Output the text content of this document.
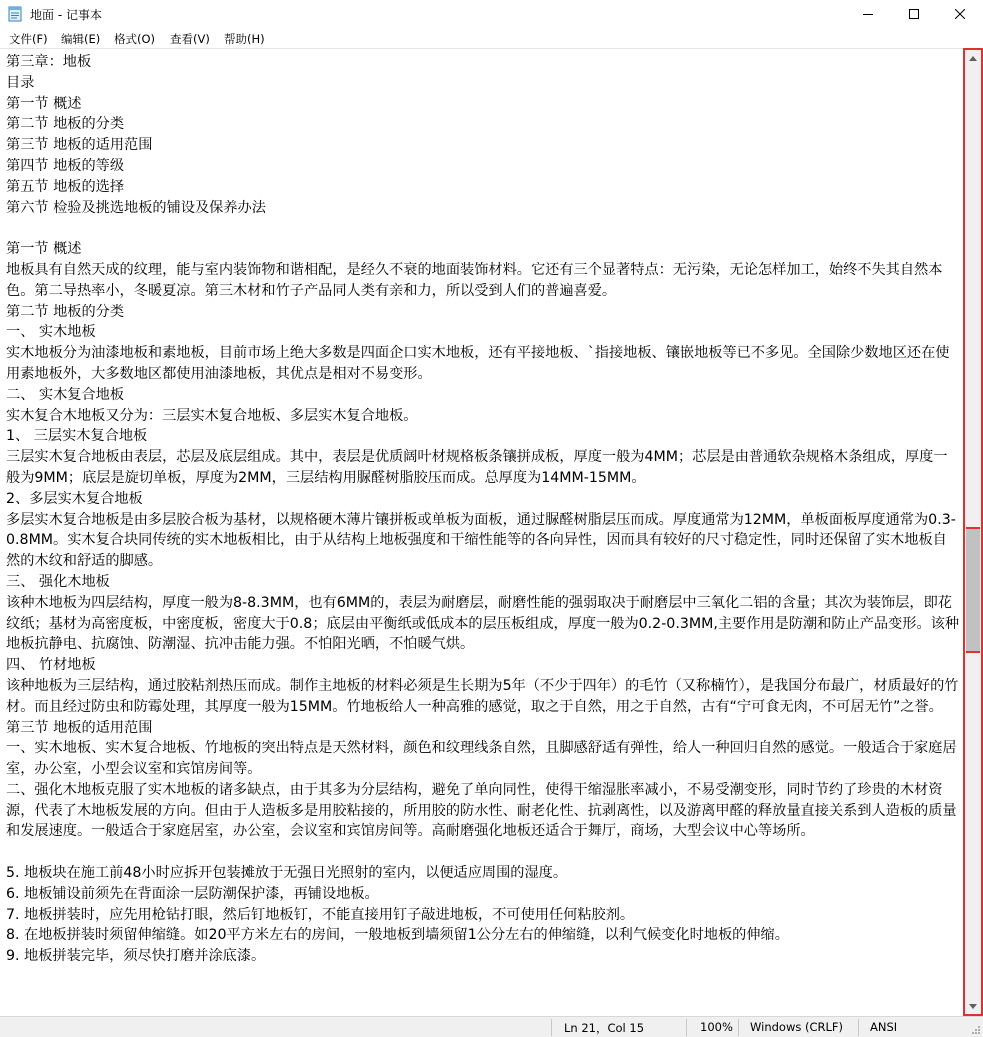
地面 - 记事本
文件(F) 编辑(E) 格式(O) 查看(V) 帮助(H)
第三章：地板
目录
第一节 概述
第二节 地板的分类
第三节 地板的适用范围
第四节 地板的等级
第五节 地板的选择
第六节 检验及挑选地板的铺设及保养办法

第一节 概述
地板具有自然天成的纹理，能与室内装饰物和谐相配，是经久不衰的地面装饰材料。它还有三个显著特点：无污染，无论怎样加工，始终不失其自然本色。第二导热率小，冬暖夏凉。第三木材和竹子产品同人类有亲和力，所以受到人们的普遍喜爱。
第二节 地板的分类
一、 实木地板
实木地板分为油漆地板和素地板，目前市场上绝大多数是四面企口实木地板，还有平接地板、`指接地板、镶嵌地板等已不多见。全国除少数地区还在使用素地板外，大多数地区都使用油漆地板，其优点是相对不易变形。
二、 实木复合地板
实木复合木地板又分为：三层实木复合地板、多层实木复合地板。
1、 三层实木复合地板
三层实木复合地板由表层，芯层及底层组成。其中，表层是优质阔叶材规格板条镶拼成板，厚度一般为4MM；芯层是由普通软杂规格木条组成，厚度一般为9MM；底层是旋切单板，厚度为2MM，三层结构用脲醛树脂胶压而成。总厚度为14MM-15MM。
2、多层实木复合地板
多层实木复合地板是由多层胶合板为基材，以规格硬木薄片镶拼板或单板为面板，通过脲醛树脂层压而成。厚度通常为12MM，单板面板厚度通常为0.3-0.8MM。实木复合块同传统的实木地板相比，由于从结构上地板强度和干缩性能等的各向异性，因而具有较好的尺寸稳定性，同时还保留了实木地板自然的木纹和舒适的脚感。
三、 强化木地板
该种木地板为四层结构，厚度一般为8-8.3MM，也有6MM的，表层为耐磨层，耐磨性能的强弱取决于耐磨层中三氧化二铝的含量；其次为装饰层，即花纹纸；基材为高密度板，中密度板，密度大于0.8；底层由平衡纸或低成本的层压板组成，厚度一般为0.2-0.3MM,主要作用是防潮和防止产品变形。该种地板抗静电、抗腐蚀、防潮湿、抗冲击能力强。不怕阳光晒，不怕暖气烘。
四、 竹材地板
该种地板为三层结构，通过胶粘剂热压而成。制作主地板的材料必须是生长期为5年（不少于四年）的毛竹（又称楠竹），是我国分布最广，材质最好的竹材。而且经过防虫和防霉处理，其厚度一般为15MM。竹地板给人一种高雅的感觉，取之于自然，用之于自然，古有“宁可食无肉，不可居无竹”之誉。
第三节 地板的适用范围
一、实木地板、实木复合地板、竹地板的突出特点是天然材料，颜色和纹理线条自然，且脚感舒适有弹性，给人一种回归自然的感觉。一般适合于家庭居室，办公室，小型会议室和宾馆房间等。
二、强化木地板克服了实木地板的诸多缺点，由于其多为分层结构，避免了单向同性，使得干缩湿胀率减小，不易受潮变形，同时节约了珍贵的木材资源，代表了木地板发展的方向。但由于人造板多是用胶粘接的，所用胶的防水性、耐老化性、抗剥离性，以及游离甲醛的释放量直接关系到人造板的质量和发展速度。一般适合于家庭居室，办公室，会议室和宾馆房间等。高耐磨强化地板还适合于舞厅，商场，大型会议中心等场所。

5. 地板块在施工前48小时应拆开包装摊放于无强日光照射的室内，以便适应周围的湿度。
6. 地板铺设前须先在背面涂一层防潮保护漆，再铺设地板。
7. 地板拼装时，应先用枪钻打眼，然后钉地板钉，不能直接用钉子敲进地板，不可使用任何粘胶剂。
8. 在地板拼装时须留伸缩缝。如20平方米左右的房间，一般地板到墙须留1公分左右的伸缩缝，以利气候变化时地板的伸缩。
9. 地板拼装完毕，须尽快打磨并涂底漆。
Ln 21，Col 15	100% Windows (CRLF) ANSI
